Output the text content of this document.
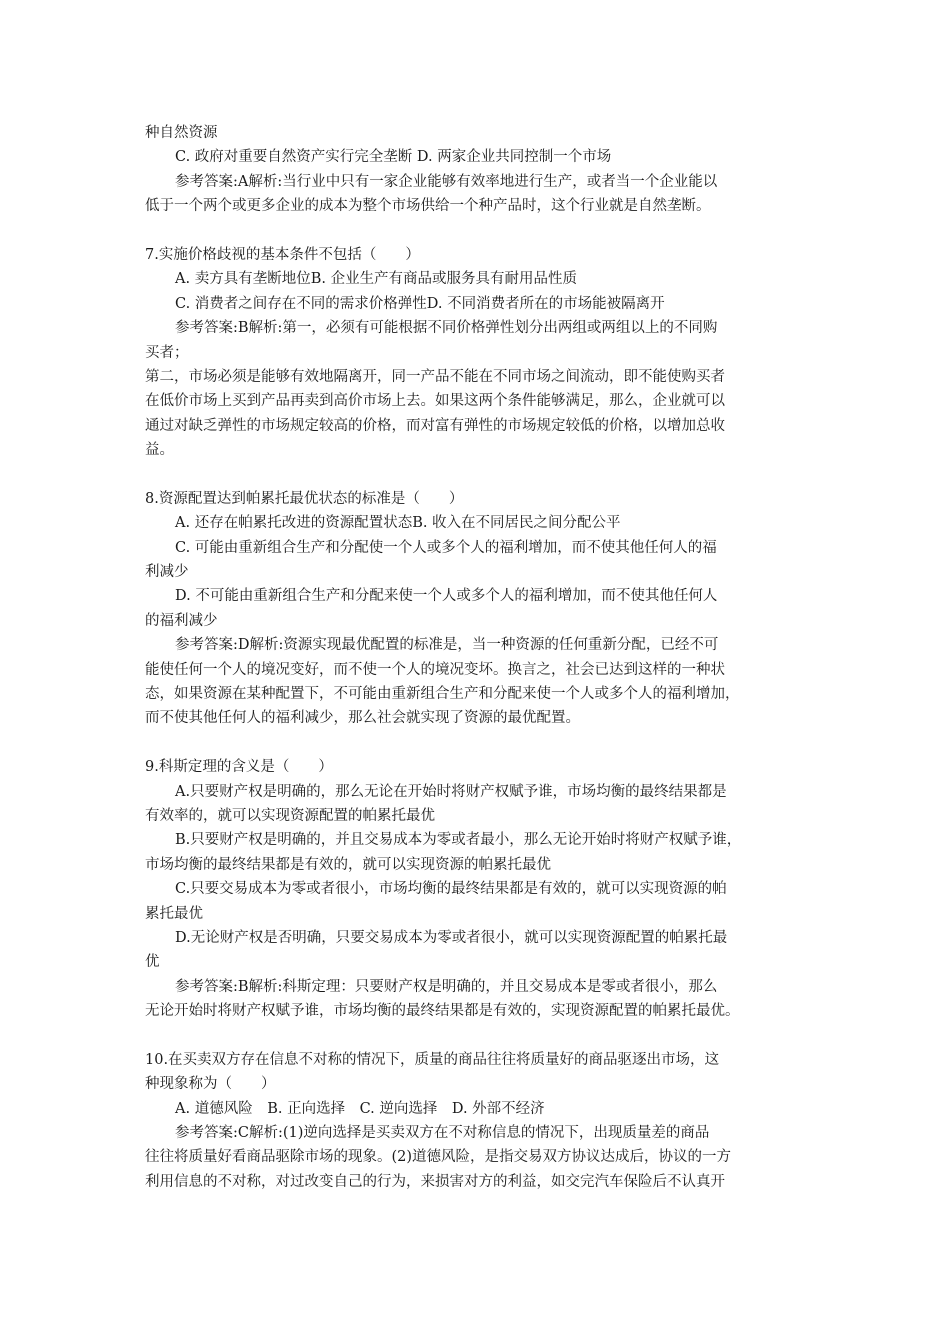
种自然资源
C. 政府对重要自然资产实行完全垄断 D. 两家企业共同控制一个市场
参考答案:A解析:当行业中只有一家企业能够有效率地进行生产，或者当一个企业能以
低于一个两个或更多企业的成本为整个市场供给一个种产品时，这个行业就是自然垄断。
7.实施价格歧视的基本条件不包括（　　）
A. 卖方具有垄断地位B. 企业生产有商品或服务具有耐用品性质
C. 消费者之间存在不同的需求价格弹性D. 不同消费者所在的市场能被隔离开
参考答案:B解析:第一，必须有可能根据不同价格弹性划分出两组或两组以上的不同购
买者；
第二，市场必须是能够有效地隔离开，同一产品不能在不同市场之间流动，即不能使购买者
在低价市场上买到产品再卖到高价市场上去。如果这两个条件能够满足，那么，企业就可以
通过对缺乏弹性的市场规定较高的价格，而对富有弹性的市场规定较低的价格，以增加总收
益。
8.资源配置达到帕累托最优状态的标准是（　　）
A. 还存在帕累托改进的资源配置状态B. 收入在不同居民之间分配公平
C. 可能由重新组合生产和分配使一个人或多个人的福利增加，而不使其他任何人的福
利减少
D. 不可能由重新组合生产和分配来使一个人或多个人的福利增加，而不使其他任何人
的福利减少
参考答案:D解析:资源实现最优配置的标准是，当一种资源的任何重新分配，已经不可
能使任何一个人的境况变好，而不使一个人的境况变坏。换言之，社会已达到这样的一种状
态，如果资源在某种配置下，不可能由重新组合生产和分配来使一个人或多个人的福利增加，
而不使其他任何人的福利减少，那么社会就实现了资源的最优配置。
9.科斯定理的含义是（　　）
A.只要财产权是明确的，那么无论在开始时将财产权赋予谁，市场均衡的最终结果都是
有效率的，就可以实现资源配置的帕累托最优
B.只要财产权是明确的，并且交易成本为零或者最小，那么无论开始时将财产权赋予谁，
市场均衡的最终结果都是有效的，就可以实现资源的帕累托最优
C.只要交易成本为零或者很小，市场均衡的最终结果都是有效的，就可以实现资源的帕
累托最优
D.无论财产权是否明确，只要交易成本为零或者很小，就可以实现资源配置的帕累托最
优
参考答案:B解析:科斯定理：只要财产权是明确的，并且交易成本是零或者很小，那么
无论开始时将财产权赋予谁，市场均衡的最终结果都是有效的，实现资源配置的帕累托最优。
10.在买卖双方存在信息不对称的情况下，质量的商品往往将质量好的商品驱逐出市场，这
种现象称为（　　）
A. 道德风险　B. 正向选择　C. 逆向选择　D. 外部不经济
参考答案:C解析:(1)逆向选择是买卖双方在不对称信息的情况下，出现质量差的商品
往往将质量好看商品驱除市场的现象。(2)道德风险，是指交易双方协议达成后，协议的一方
利用信息的不对称，对过改变自己的行为，来损害对方的利益，如交完汽车保险后不认真开
